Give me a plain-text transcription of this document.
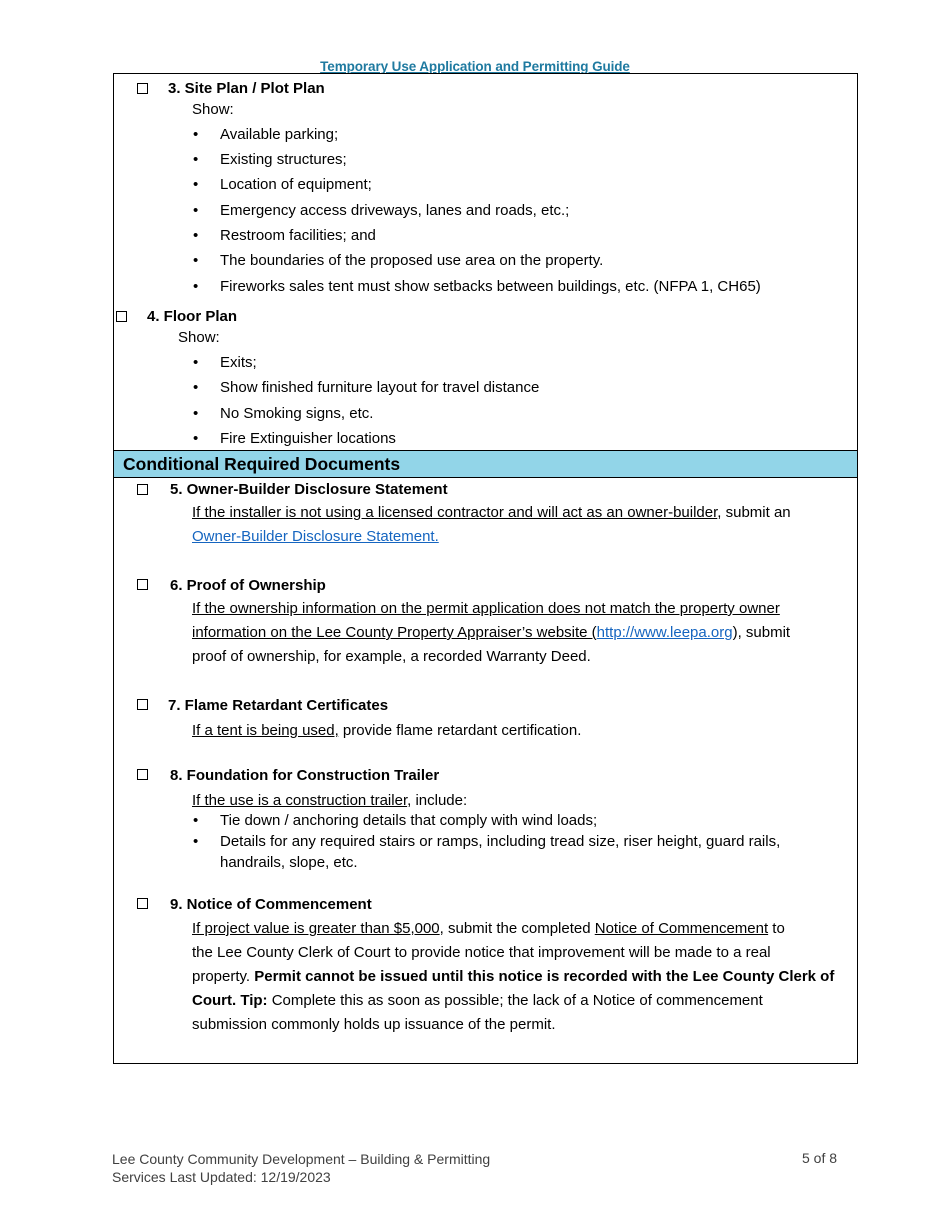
Temporary Use Application and Permitting Guide
3. Site Plan / Plot Plan
Show:
• Available parking;
• Existing structures;
• Location of equipment;
• Emergency access driveways, lanes and roads, etc.;
• Restroom facilities; and
• The boundaries of the proposed use area on the property.
• Fireworks sales tent must show setbacks between buildings, etc. (NFPA 1, CH65)
4. Floor Plan
Show:
• Exits;
• Show finished furniture layout for travel distance
• No Smoking signs, etc.
• Fire Extinguisher locations
Conditional Required Documents
5. Owner-Builder Disclosure Statement
If the installer is not using a licensed contractor and will act as an owner-builder, submit an
Owner-Builder Disclosure Statement.
6. Proof of Ownership
If the ownership information on the permit application does not match the property owner
information on the Lee County Property Appraiser’s website (http://www.leepa.org), submit
proof of ownership, for example, a recorded Warranty Deed.
7. Flame Retardant Certificates
If a tent is being used, provide flame retardant certification.
8. Foundation for Construction Trailer
If the use is a construction trailer, include:
• Tie down / anchoring details that comply with wind loads;
• Details for any required stairs or ramps, including tread size, riser height, guard rails,
handrails, slope, etc.
9. Notice of Commencement
If project value is greater than $5,000, submit the completed Notice of Commencement to
the Lee County Clerk of Court to provide notice that improvement will be made to a real
property. Permit cannot be issued until this notice is recorded with the Lee County Clerk of
Court. Tip: Complete this as soon as possible; the lack of a Notice of commencement
submission commonly holds up issuance of the permit.
Lee County Community Development – Building & Permitting
Services Last Updated: 12/19/2023
5 of 8
